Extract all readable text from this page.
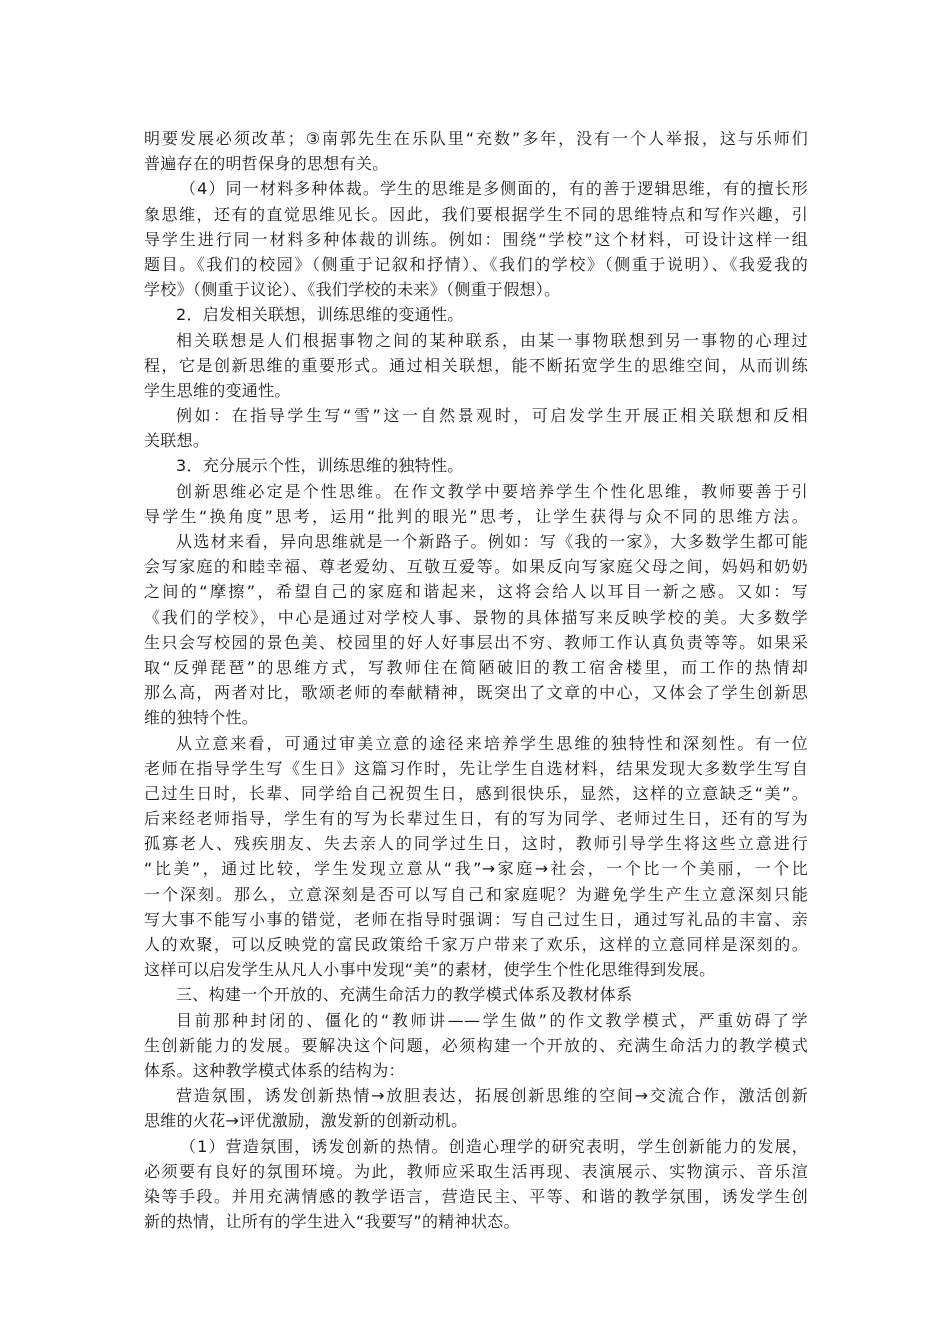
明要发展必须改革；③南郭先生在乐队里“充数”多年，没有一个人举报，这与乐师们
普遍存在的明哲保身的思想有关。
（4）同一材料多种体裁。学生的思维是多侧面的，有的善于逻辑思维，有的擅长形
象思维，还有的直觉思维见长。因此，我们要根据学生不同的思维特点和写作兴趣，引
导学生进行同一材料多种体裁的训练。例如：围绕“学校”这个材料，可设计这样一组
题目。《我们的校园》（侧重于记叙和抒情）、《我们的学校》（侧重于说明）、《我爱我的
学校》（侧重于议论）、《我们学校的未来》（侧重于假想）。
2．启发相关联想，训练思维的变通性。
相关联想是人们根据事物之间的某种联系，由某一事物联想到另一事物的心理过
程，它是创新思维的重要形式。通过相关联想，能不断拓宽学生的思维空间，从而训练
学生思维的变通性。
例如：在指导学生写“雪”这一自然景观时，可启发学生开展正相关联想和反相
关联想。
3．充分展示个性，训练思维的独特性。
创新思维必定是个性思维。在作文教学中要培养学生个性化思维，教师要善于引
导学生“换角度”思考，运用“批判的眼光”思考，让学生获得与众不同的思维方法。
从选材来看，异向思维就是一个新路子。例如：写《我的一家》，大多数学生都可能
会写家庭的和睦幸福、尊老爱幼、互敬互爱等。如果反向写家庭父母之间，妈妈和奶奶
之间的“摩擦”，希望自己的家庭和谐起来，这将会给人以耳目一新之感。又如：写
《我们的学校》，中心是通过对学校人事、景物的具体描写来反映学校的美。大多数学
生只会写校园的景色美、校园里的好人好事层出不穷、教师工作认真负责等等。如果采
取“反弹琵琶”的思维方式，写教师住在简陋破旧的教工宿舍楼里，而工作的热情却
那么高，两者对比，歌颂老师的奉献精神，既突出了文章的中心，又体会了学生创新思
维的独特个性。
从立意来看，可通过审美立意的途径来培养学生思维的独特性和深刻性。有一位
老师在指导学生写《生日》这篇习作时，先让学生自选材料，结果发现大多数学生写自
己过生日时，长辈、同学给自己祝贺生日，感到很快乐，显然，这样的立意缺乏“美”。
后来经老师指导，学生有的写为长辈过生日，有的写为同学、老师过生日，还有的写为
孤寡老人、残疾朋友、失去亲人的同学过生日，这时，教师引导学生将这些立意进行
“比美”，通过比较，学生发现立意从“我”→家庭→社会，一个比一个美丽，一个比
一个深刻。那么，立意深刻是否可以写自己和家庭呢？为避免学生产生立意深刻只能
写大事不能写小事的错觉，老师在指导时强调：写自己过生日，通过写礼品的丰富、亲
人的欢聚，可以反映党的富民政策给千家万户带来了欢乐，这样的立意同样是深刻的。
这样可以启发学生从凡人小事中发现“美”的素材，使学生个性化思维得到发展。
三、构建一个开放的、充满生命活力的教学模式体系及教材体系
目前那种封闭的、僵化的“教师讲——学生做”的作文教学模式，严重妨碍了学
生创新能力的发展。要解决这个问题，必须构建一个开放的、充满生命活力的教学模式
体系。这种教学模式体系的结构为：
营造氛围，诱发创新热情→放胆表达，拓展创新思维的空间→交流合作，激活创新
思维的火花→评优激励，激发新的创新动机。
（1）营造氛围，诱发创新的热情。创造心理学的研究表明，学生创新能力的发展，
必须要有良好的氛围环境。为此，教师应采取生活再现、表演展示、实物演示、音乐渲
染等手段。并用充满情感的教学语言，营造民主、平等、和谐的教学氛围，诱发学生创
新的热情，让所有的学生进入“我要写”的精神状态。
